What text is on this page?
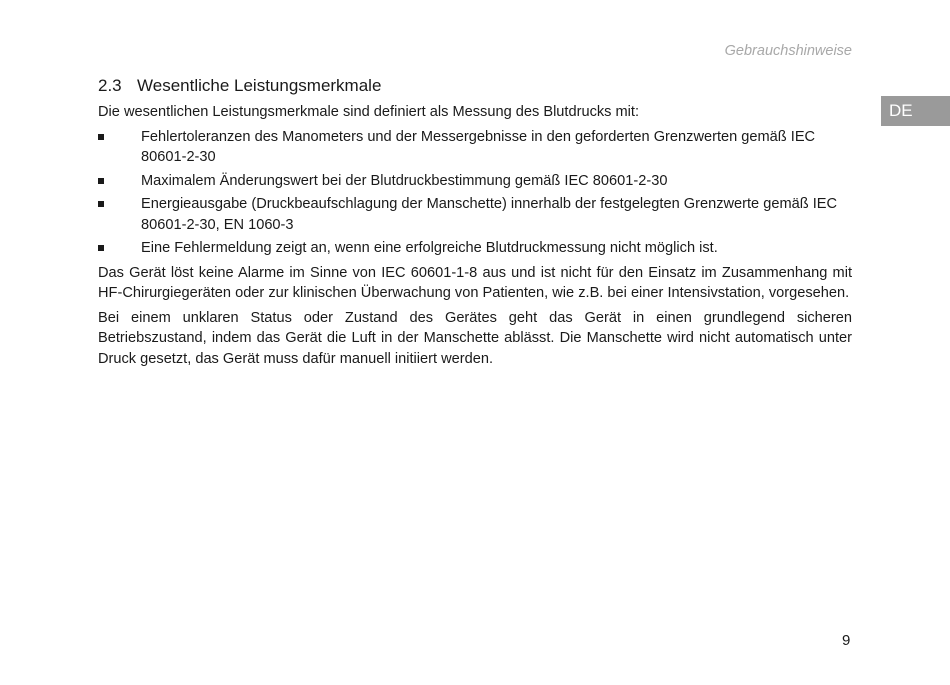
Gebrauchshinweise
DE
2.3 Wesentliche Leistungsmerkmale

Die wesentlichen Leistungsmerkmale sind definiert als Messung des Blutdrucks mit:

Fehlertoleranzen des Manometers und der Messergebnisse in den geforderten Grenzwerten gemäß IEC 80601-2-30
Maximalem Änderungswert bei der Blutdruckbestimmung gemäß IEC 80601-2-30
Energieausgabe (Druckbeaufschlagung der Manschette) innerhalb der festgelegten Grenzwerte gemäß IEC 80601-2-30, EN 1060-3
Eine Fehlermeldung zeigt an, wenn eine erfolgreiche Blutdruckmessung nicht möglich ist.

Das Gerät löst keine Alarme im Sinne von IEC 60601-1-8 aus und ist nicht für den Einsatz im Zusammenhang mit HF-Chirurgiegeräten oder zur klinischen Überwachung von Patienten, wie z.B. bei einer Intensivstation, vorgesehen.

Bei einem unklaren Status oder Zustand des Gerätes geht das Gerät in einen grundlegend sicheren Betriebszustand, indem das Gerät die Luft in der Manschette ablässt. Die Manschette wird nicht automatisch unter Druck gesetzt, das Gerät muss dafür manuell initiiert werden.

9
